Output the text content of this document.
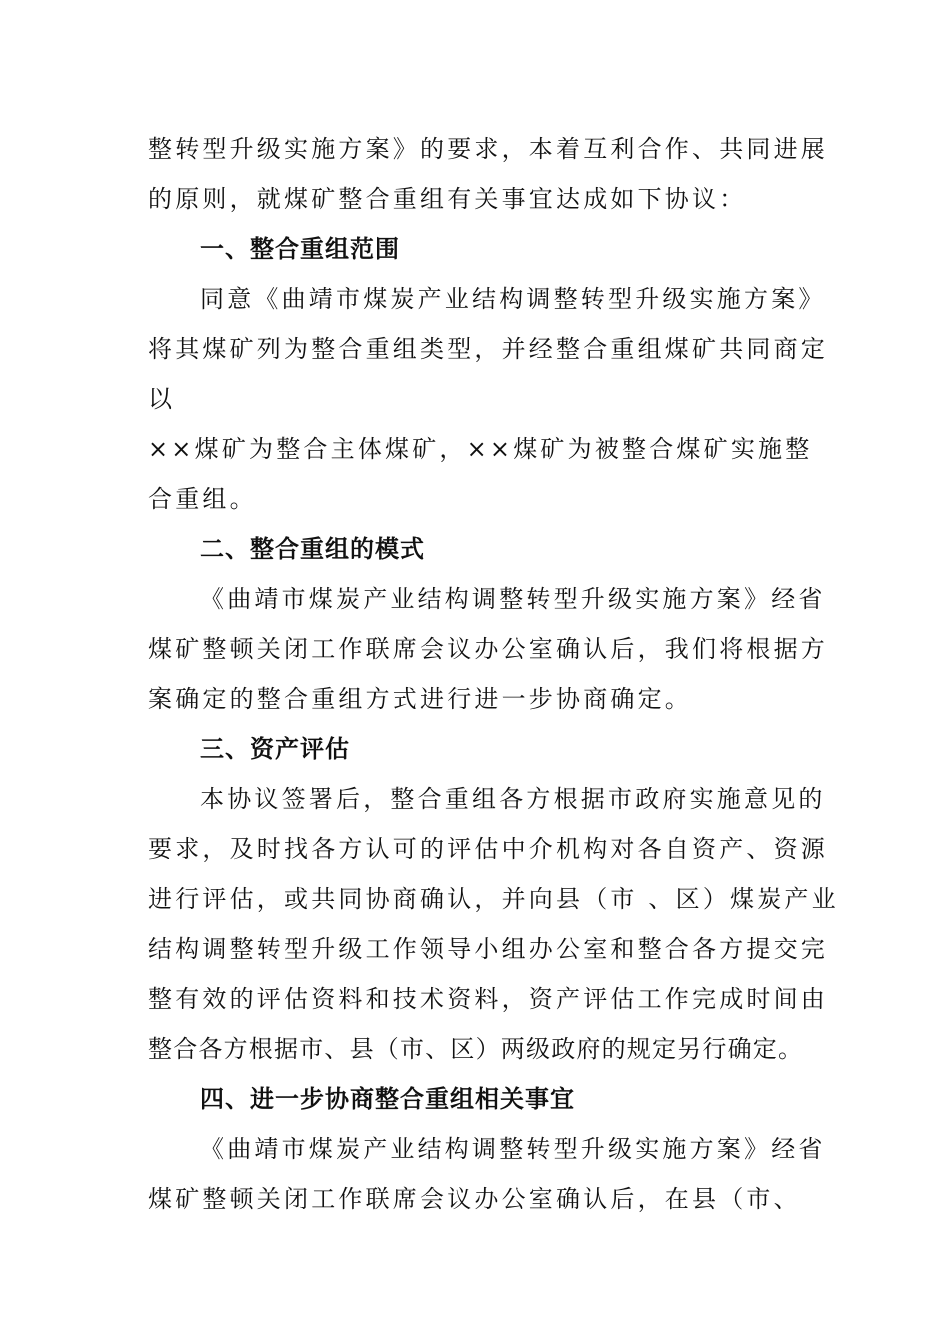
整转型升级实施方案》的要求，本着互利合作、共同进展
的原则，就煤矿整合重组有关事宜达成如下协议：
一、整合重组范围
同意《曲靖市煤炭产业结构调整转型升级实施方案》
将其煤矿列为整合重组类型，并经整合重组煤矿共同商定
以
××煤矿为整合主体煤矿，××煤矿为被整合煤矿实施整
合重组。
二、整合重组的模式
《曲靖市煤炭产业结构调整转型升级实施方案》经省
煤矿整顿关闭工作联席会议办公室确认后，我们将根据方
案确定的整合重组方式进行进一步协商确定。
三、资产评估
本协议签署后，整合重组各方根据市政府实施意见的
要求，及时找各方认可的评估中介机构对各自资产、资源
进行评估，或共同协商确认，并向县（市 、区）煤炭产业
结构调整转型升级工作领导小组办公室和整合各方提交完
整有效的评估资料和技术资料，资产评估工作完成时间由
整合各方根据市、县（市、区）两级政府的规定另行确定。
四、进一步协商整合重组相关事宜
《曲靖市煤炭产业结构调整转型升级实施方案》经省
煤矿整顿关闭工作联席会议办公室确认后，在县（市、
